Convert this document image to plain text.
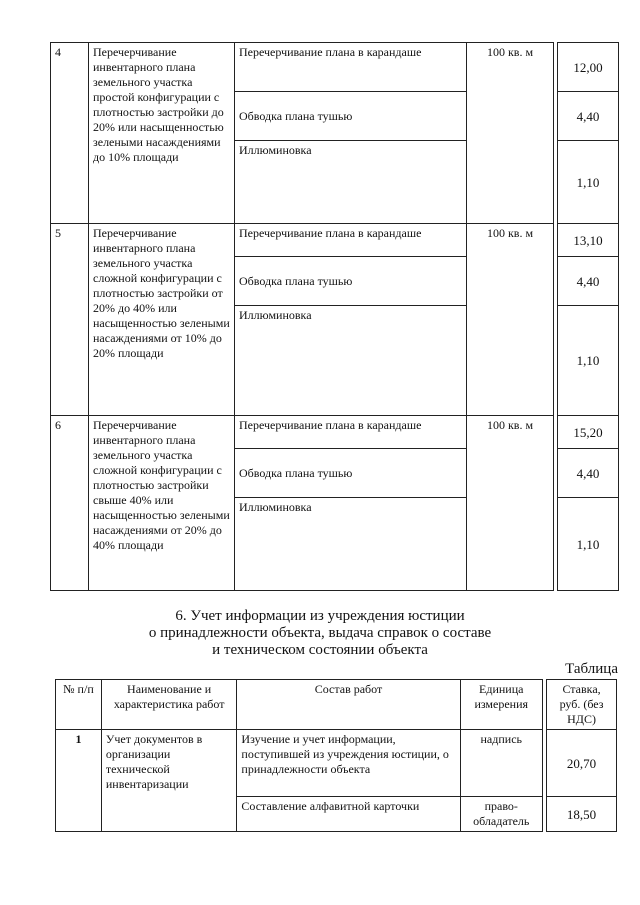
4	Перечерчивание инвентарного плана земельного участка простой конфигурации с плотностью застройки до 20% или насыщенностью зелеными насаждениями до 10% площади	Перечерчивание плана в карандаше	100 кв. м		12,00
		Обводка плана тушью			4,40
		Иллюминовка			1,10
5	Перечерчивание инвентарного плана земельного участка сложной конфигурации с плотностью застройки от 20% до 40% или насыщенностью зелеными насаждениями от 10% до 20% площади	Перечерчивание плана в карандаше	100 кв. м		13,10
		Обводка плана тушью			4,40
		Иллюминовка			1,10
6	Перечерчивание инвентарного плана земельного участка сложной конфигурации с плотностью застройки свыше 40% или насыщенностью зелеными насаждениями от 20% до 40% площади	Перечерчивание плана в карандаше	100 кв. м		15,20
		Обводка плана тушью			4,40
		Иллюминовка			1,10
6. Учет информации из учреждения юстиции
о принадлежности объекта, выдача справок о составе
и техническом состоянии объекта
Таблица
№ п/п	Наименование и характеристика работ	Состав работ	Единица измерения		Ставка, руб. (без НДС)
1	Учет документов в организации технической инвентаризации	Изучение и учет информации, поступившей из учреждения юстиции, о принадлежности объекта	надпись		20,70
		Составление алфавитной карточки	право-обладатель		18,50
